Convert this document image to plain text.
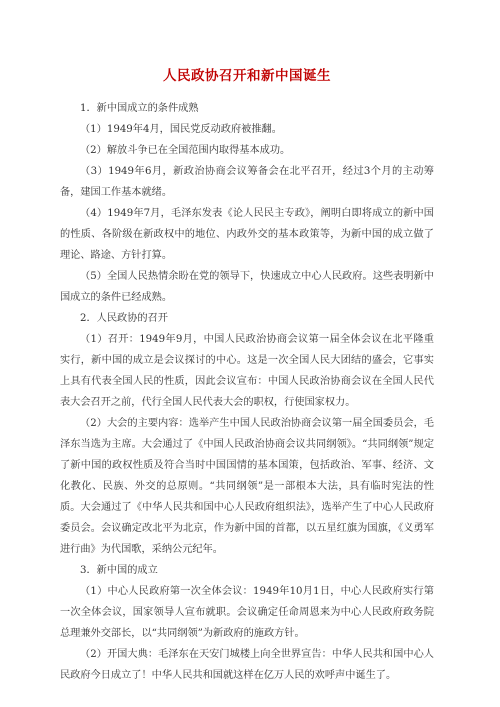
人民政协召开和新中国诞生

1．新中国成立的条件成熟

（1）1949年4月，国民党反动政府被推翻。

（2）解放斗争已在全国范围内取得基本成功。

（3）1949年6月，新政治协商会议筹备会在北平召开，经过3个月的主动筹备，建国工作基本就绪。

（4）1949年7月，毛泽东发表《论人民民主专政》，阐明白即将成立的新中国的性质、各阶级在新政权中的地位、内政外交的基本政策等，为新中国的成立做了理论、路途、方针打算。

（5）全国人民热情余盼在党的领导下，快速成立中心人民政府。这些表明新中国成立的条件已经成熟。

2．人民政协的召开

（1）召开：1949年9月，中国人民政治协商会议第一届全体会议在北平隆重实行，新中国的成立是会议探讨的中心。这是一次全国人民大团结的盛会，它事实上具有代表全国人民的性质，因此会议宣布：中国人民政治协商会议在全国人民代表大会召开之前，代行全国人民代表大会的职权，行使国家权力。

（2）大会的主要内容：选举产生中国人民政治协商会议第一届全国委员会，毛泽东当选为主席。大会通过了《中国人民政治协商会议共同纲领》。“共同纲领”规定了新中国的政权性质及符合当时中国国情的基本国策，包括政治、军事、经济、文化教化、民族、外交的总原则。“共同纲领”是一部根本大法，具有临时宪法的性质。大会通过了《中华人民共和国中心人民政府组织法》，选举产生了中心人民政府委员会。会议确定改北平为北京，作为新中国的首都，以五星红旗为国旗，《义勇军进行曲》为代国歌，采纳公元纪年。

3．新中国的成立

（1）中心人民政府第一次全体会议：1949年10月1日，中心人民政府实行第一次全体会议，国家领导人宣布就职。会议确定任命周恩来为中心人民政府政务院总理兼外交部长，以“共同纲领”为新政府的施政方针。

（2）开国大典：毛泽东在天安门城楼上向全世界宣告：中华人民共和国中心人民政府今日成立了！中华人民共和国就这样在亿万人民的欢呼声中诞生了。
